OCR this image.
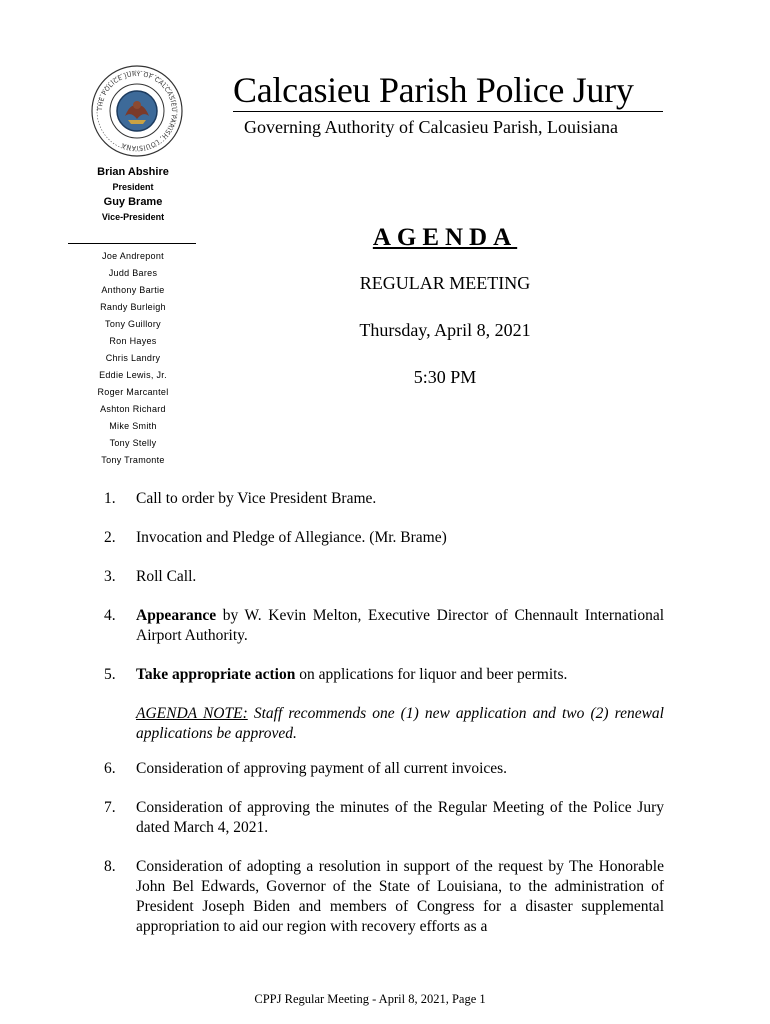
THE POLICE JURY OF CALCASIEU PARISH, LOUISIANA
Calcasieu Parish Police Jury
Governing Authority of Calcasieu Parish, Louisiana
Brian Abshire
President
Guy Brame
Vice-President
Joe Andrepont
Judd Bares
Anthony Bartie
Randy Burleigh
Tony Guillory
Ron Hayes
Chris Landry
Eddie Lewis, Jr.
Roger Marcantel
Ashton Richard
Mike Smith
Tony Stelly
Tony Tramonte
AGENDA
REGULAR MEETING
Thursday, April 8, 2021
5:30 PM
1. Call to order by Vice President Brame.
2. Invocation and Pledge of Allegiance. (Mr. Brame)
3. Roll Call.
4. Appearance by W. Kevin Melton, Executive Director of Chennault International Airport Authority.
5. Take appropriate action on applications for liquor and beer permits.
AGENDA NOTE: Staff recommends one (1) new application and two (2) renewal applications be approved.
6. Consideration of approving payment of all current invoices.
7. Consideration of approving the minutes of the Regular Meeting of the Police Jury dated March 4, 2021.
8. Consideration of adopting a resolution in support of the request by The Honorable John Bel Edwards, Governor of the State of Louisiana, to the administration of President Joseph Biden and members of Congress for a disaster supplemental appropriation to aid our region with recovery efforts as a
CPPJ Regular Meeting - April 8, 2021, Page 1
